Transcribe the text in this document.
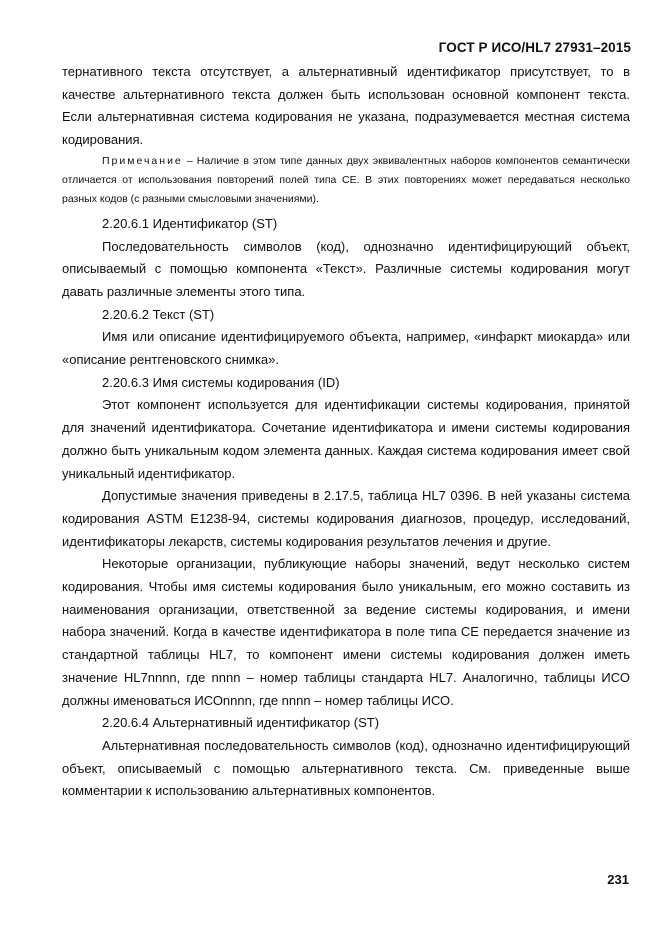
ГОСТ Р ИСО/HL7 27931–2015

тернативного текста отсутствует, а альтернативный идентификатор присутствует, то в качестве альтернативного текста должен быть использован основной компонент текста. Если альтернативная система кодирования не указана, подразумевается местная система кодирования.

Примечание – Наличие в этом типе данных двух эквивалентных наборов компонентов семантически отличается от использования повторений полей типа CE. В этих повторениях может передаваться несколько разных кодов (с разными смысловыми значениями).

2.20.6.1 Идентификатор (ST)

Последовательность символов (код), однозначно идентифицирующий объект, описываемый с помощью компонента «Текст». Различные системы кодирования могут давать различные элементы этого типа.

2.20.6.2 Текст (ST)

Имя или описание идентифицируемого объекта, например, «инфаркт миокарда» или «описание рентгеновского снимка».

2.20.6.3 Имя системы кодирования (ID)

Этот компонент используется для идентификации системы кодирования, принятой для значений идентификатора. Сочетание идентификатора и имени системы кодирования должно быть уникальным кодом элемента данных. Каждая система кодирования имеет свой уникальный идентификатор.

Допустимые значения приведены в 2.17.5, таблица HL7 0396. В ней указаны система кодирования ASTM E1238-94, системы кодирования диагнозов, процедур, исследований, идентификаторы лекарств, системы кодирования результатов лечения и другие.

Некоторые организации, публикующие наборы значений, ведут несколько систем кодирования. Чтобы имя системы кодирования было уникальным, его можно составить из наименования организации, ответственной за ведение системы кодирования, и имени набора значений. Когда в качестве идентификатора в поле типа CE передается значение из стандартной таблицы HL7, то компонент имени системы кодирования должен иметь значение HL7nnnn, где nnnn – номер таблицы стандарта HL7. Аналогично, таблицы ИСО должны именоваться ИСОnnnn, где nnnn – номер таблицы ИСО.

2.20.6.4 Альтернативный идентификатор (ST)

Альтернативная последовательность символов (код), однозначно идентифицирующий объект, описываемый с помощью альтернативного текста. См. приведенные выше комментарии к использованию альтернативных компонентов.

231
